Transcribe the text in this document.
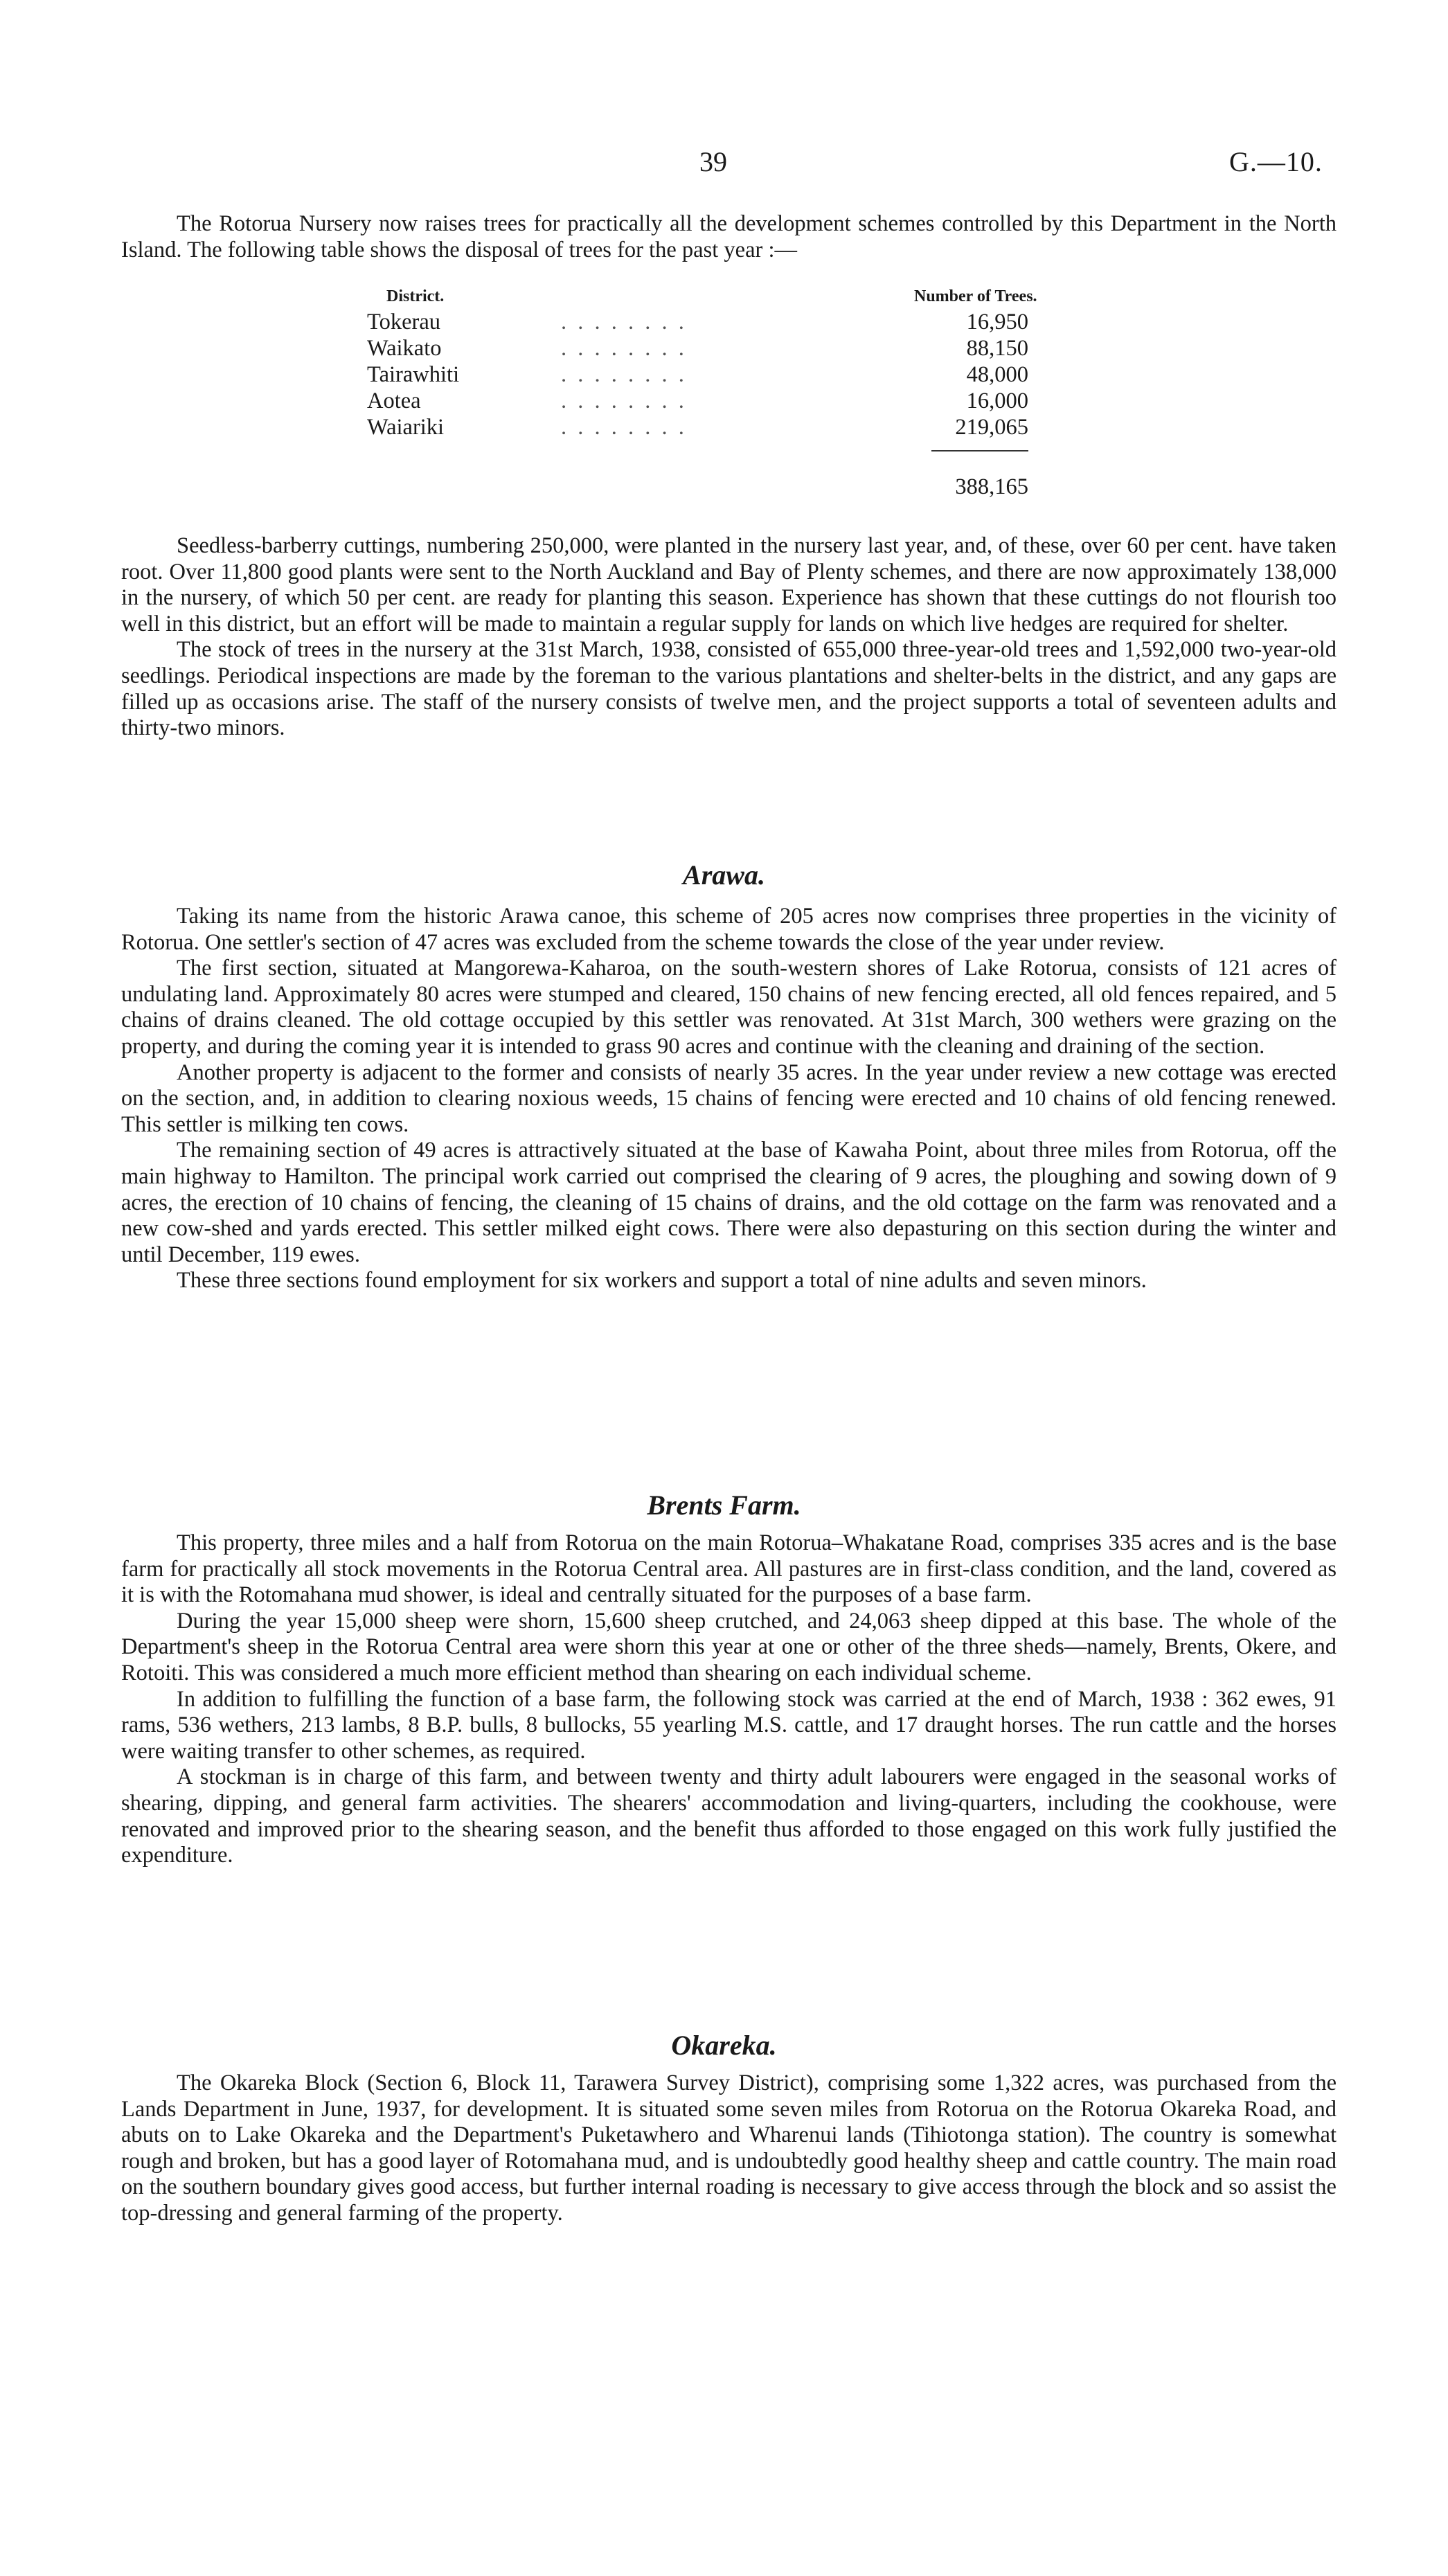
39	G.—10.

The Rotorua Nursery now raises trees for practically all the development schemes controlled by this Department in the North Island. The following table shows the disposal of trees for the past year :—

District.	Number of Trees.
Tokerau	. . . . . . . .	16,950
Waikato	. . . . . . . .	88,150
Tairawhiti	. . . . . . . .	48,000
Aotea	. . . . . . . .	16,000
Waiariki	. . . . . . . .	219,065
388,165

Seedless-barberry cuttings, numbering 250,000, were planted in the nursery last year, and, of these, over 60 per cent. have taken root. Over 11,800 good plants were sent to the North Auckland and Bay of Plenty schemes, and there are now approximately 138,000 in the nursery, of which 50 per cent. are ready for planting this season. Experience has shown that these cuttings do not flourish too well in this district, but an effort will be made to maintain a regular supply for lands on which live hedges are required for shelter.

The stock of trees in the nursery at the 31st March, 1938, consisted of 655,000 three-year-old trees and 1,592,000 two-year-old seedlings. Periodical inspections are made by the foreman to the various plantations and shelter-belts in the district, and any gaps are filled up as occasions arise. The staff of the nursery consists of twelve men, and the project supports a total of seventeen adults and thirty-two minors.

Arawa.

Taking its name from the historic Arawa canoe, this scheme of 205 acres now comprises three properties in the vicinity of Rotorua. One settler's section of 47 acres was excluded from the scheme towards the close of the year under review.

The first section, situated at Mangorewa-Kaharoa, on the south-western shores of Lake Rotorua, consists of 121 acres of undulating land. Approximately 80 acres were stumped and cleared, 150 chains of new fencing erected, all old fences repaired, and 5 chains of drains cleaned. The old cottage occupied by this settler was renovated. At 31st March, 300 wethers were grazing on the property, and during the coming year it is intended to grass 90 acres and continue with the cleaning and draining of the section.

Another property is adjacent to the former and consists of nearly 35 acres. In the year under review a new cottage was erected on the section, and, in addition to clearing noxious weeds, 15 chains of fencing were erected and 10 chains of old fencing renewed. This settler is milking ten cows.

The remaining section of 49 acres is attractively situated at the base of Kawaha Point, about three miles from Rotorua, off the main highway to Hamilton. The principal work carried out comprised the clearing of 9 acres, the ploughing and sowing down of 9 acres, the erection of 10 chains of fencing, the cleaning of 15 chains of drains, and the old cottage on the farm was renovated and a new cow-shed and yards erected. This settler milked eight cows. There were also depasturing on this section during the winter and until December, 119 ewes.

These three sections found employment for six workers and support a total of nine adults and seven minors.

Brents Farm.

This property, three miles and a half from Rotorua on the main Rotorua–Whakatane Road, comprises 335 acres and is the base farm for practically all stock movements in the Rotorua Central area. All pastures are in first-class condition, and the land, covered as it is with the Rotomahana mud shower, is ideal and centrally situated for the purposes of a base farm.

During the year 15,000 sheep were shorn, 15,600 sheep crutched, and 24,063 sheep dipped at this base. The whole of the Department's sheep in the Rotorua Central area were shorn this year at one or other of the three sheds—namely, Brents, Okere, and Rotoiti. This was considered a much more efficient method than shearing on each individual scheme.

In addition to fulfilling the function of a base farm, the following stock was carried at the end of March, 1938 : 362 ewes, 91 rams, 536 wethers, 213 lambs, 8 B.P. bulls, 8 bullocks, 55 yearling M.S. cattle, and 17 draught horses. The run cattle and the horses were waiting transfer to other schemes, as required.

A stockman is in charge of this farm, and between twenty and thirty adult labourers were engaged in the seasonal works of shearing, dipping, and general farm activities. The shearers' accommodation and living-quarters, including the cookhouse, were renovated and improved prior to the shearing season, and the benefit thus afforded to those engaged on this work fully justified the expenditure.

Okareka.

The Okareka Block (Section 6, Block 11, Tarawera Survey District), comprising some 1,322 acres, was purchased from the Lands Department in June, 1937, for development. It is situated some seven miles from Rotorua on the Rotorua Okareka Road, and abuts on to Lake Okareka and the Department's Puketawhero and Wharenui lands (Tihiotonga station). The country is somewhat rough and broken, but has a good layer of Rotomahana mud, and is undoubtedly good healthy sheep and cattle country. The main road on the southern boundary gives good access, but further internal roading is necessary to give access through the block and so assist the top-dressing and general farming of the property.
